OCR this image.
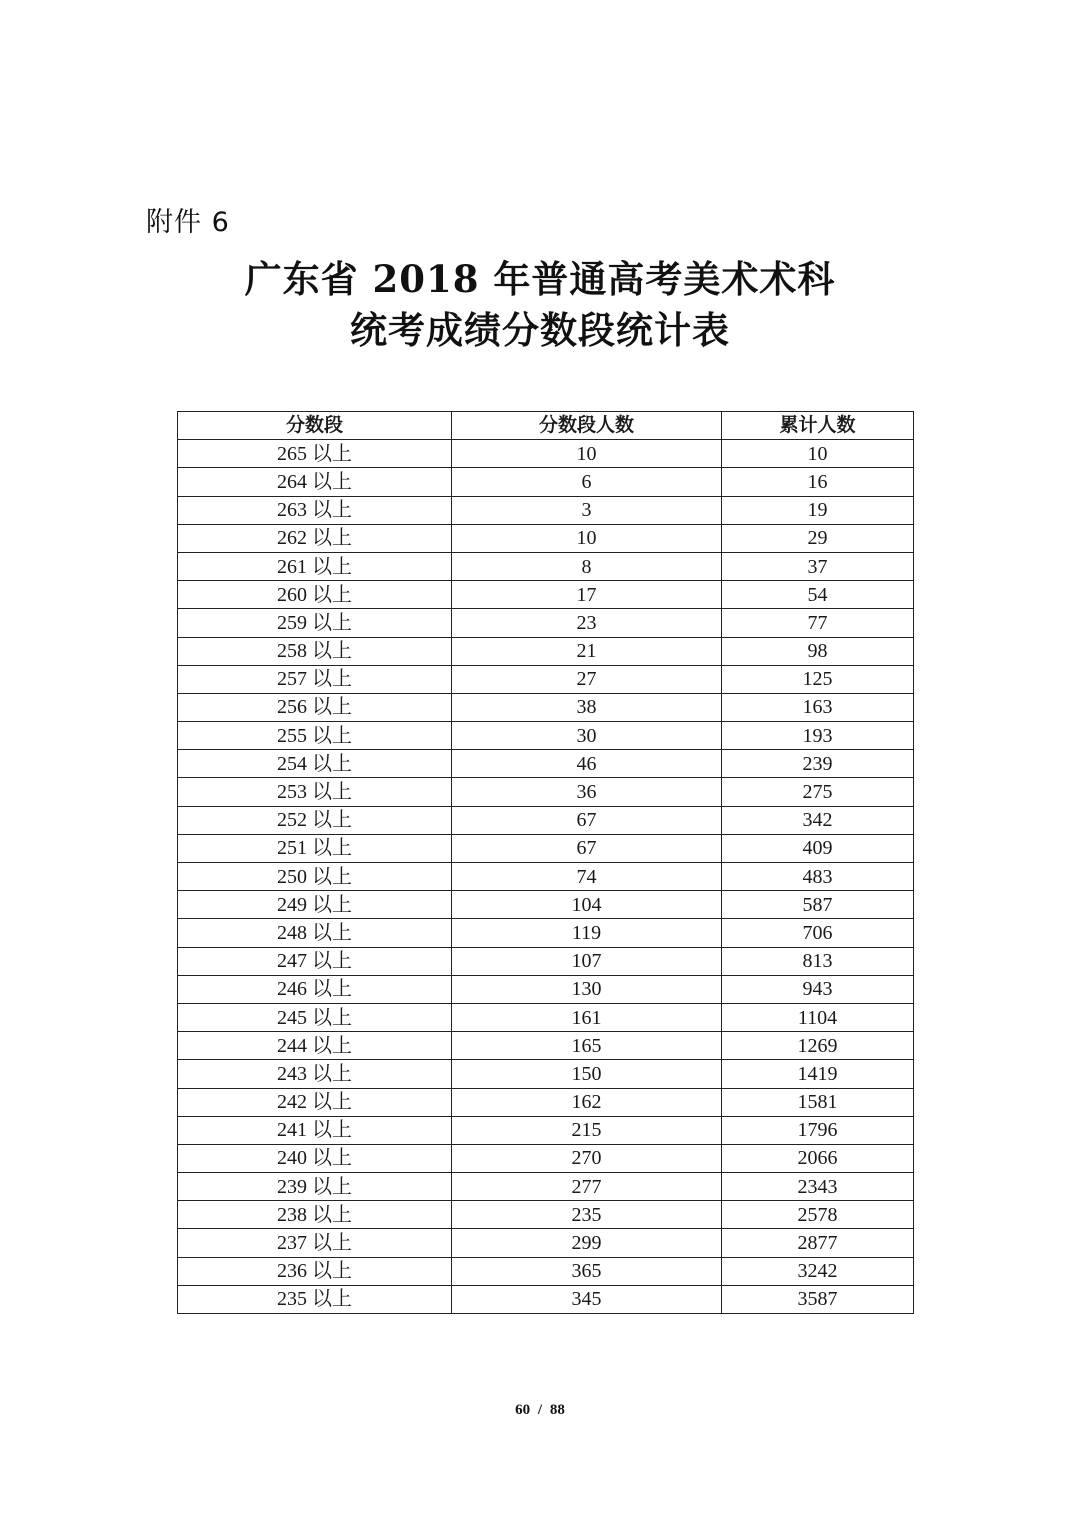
附件 6
广东省 2018 年普通高考美术术科
统考成绩分数段统计表
分数段	分数段人数	累计人数
265 以上	10	10
264 以上	6	16
263 以上	3	19
262 以上	10	29
261 以上	8	37
260 以上	17	54
259 以上	23	77
258 以上	21	98
257 以上	27	125
256 以上	38	163
255 以上	30	193
254 以上	46	239
253 以上	36	275
252 以上	67	342
251 以上	67	409
250 以上	74	483
249 以上	104	587
248 以上	119	706
247 以上	107	813
246 以上	130	943
245 以上	161	1104
244 以上	165	1269
243 以上	150	1419
242 以上	162	1581
241 以上	215	1796
240 以上	270	2066
239 以上	277	2343
238 以上	235	2578
237 以上	299	2877
236 以上	365	3242
235 以上	345	3587
60 / 88
